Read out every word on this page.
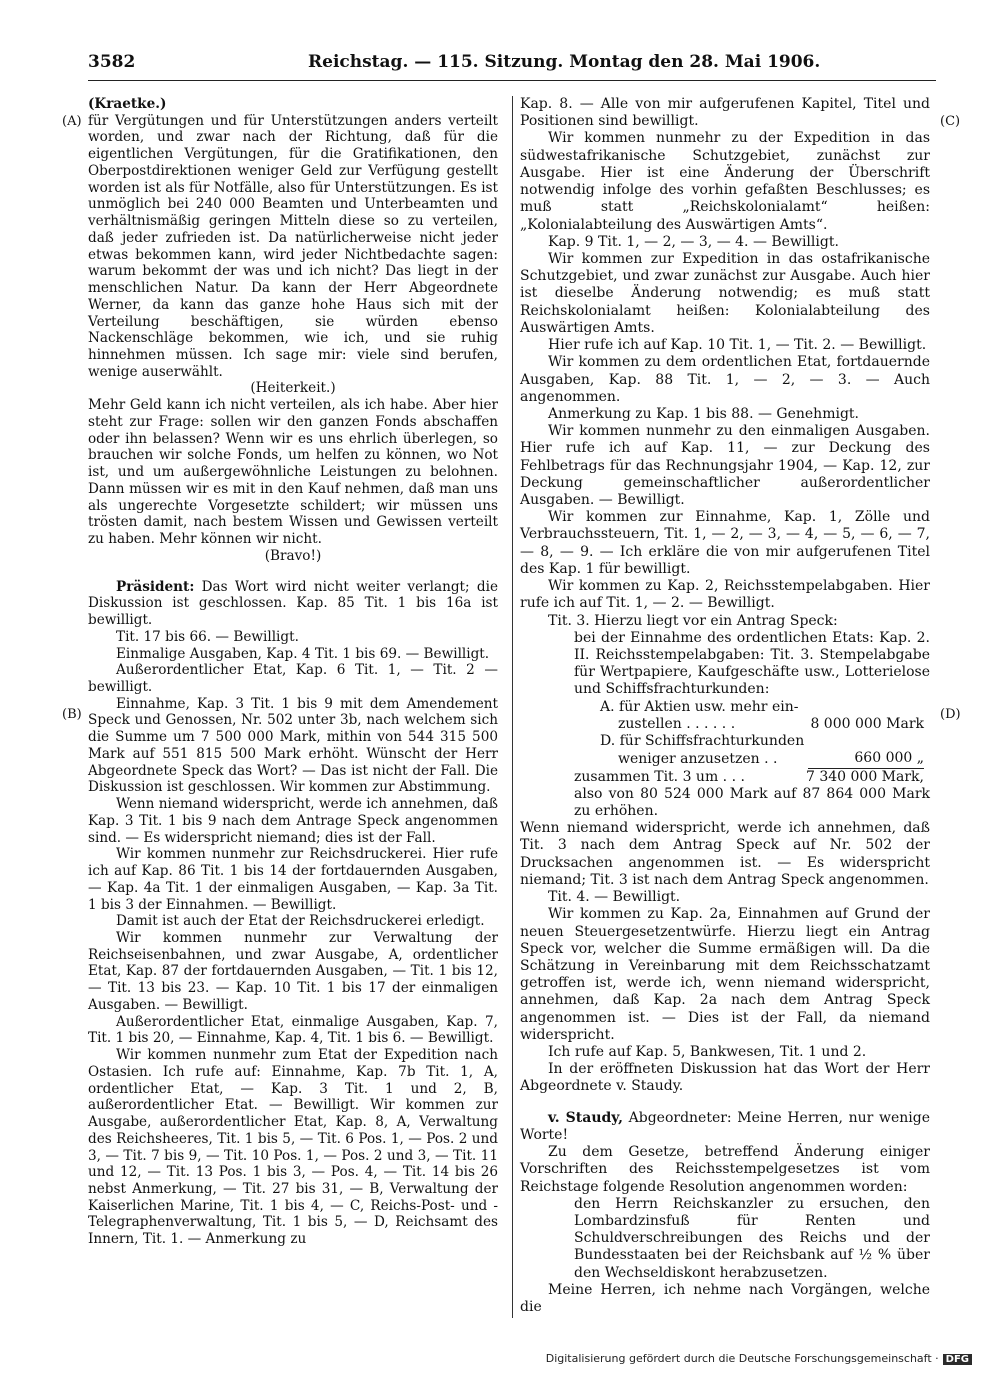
3582	Reichstag. — 115. Sitzung. Montag den 28. Mai 1906.
(A)
(B)
(C)
(D)

(Kraetke.)

für Vergütungen und für Unterstützungen anders verteilt worden, und zwar nach der Richtung, daß für die eigentlichen Vergütungen, für die Gratifikationen, den Oberpostdirektionen weniger Geld zur Verfügung gestellt worden ist als für Notfälle, also für Unterstützungen. Es ist unmöglich bei 240 000 Beamten und Unterbeamten und verhältnismäßig geringen Mitteln diese so zu verteilen, daß jeder zufrieden ist. Da natürlicherweise nicht jeder etwas bekommen kann, wird jeder Nichtbedachte sagen: warum bekommt der was und ich nicht? Das liegt in der menschlichen Natur. Da kann der Herr Abgeordnete Werner, da kann das ganze hohe Haus sich mit der Verteilung beschäftigen, sie würden ebenso Nackenschläge bekommen, wie ich, und sie ruhig hinnehmen müssen. Ich sage mir: viele sind berufen, wenige auserwählt.

(Heiterkeit.)

Mehr Geld kann ich nicht verteilen, als ich habe. Aber hier steht zur Frage: sollen wir den ganzen Fonds abschaffen oder ihn belassen? Wenn wir es uns ehrlich überlegen, so brauchen wir solche Fonds, um helfen zu können, wo Not ist, und um außergewöhnliche Leistungen zu belohnen. Dann müssen wir es mit in den Kauf nehmen, daß man uns als ungerechte Vorgesetzte schildert; wir müssen uns trösten damit, nach bestem Wissen und Gewissen verteilt zu haben. Mehr können wir nicht.

(Bravo!)

Präsident: Das Wort wird nicht weiter verlangt; die Diskussion ist geschlossen. Kap. 85 Tit. 1 bis 16a ist bewilligt.

Tit. 17 bis 66. — Bewilligt.

Einmalige Ausgaben, Kap. 4 Tit. 1 bis 69. — Bewilligt.

Außerordentlicher Etat, Kap. 6 Tit. 1, — Tit. 2 — bewilligt.

Einnahme, Kap. 3 Tit. 1 bis 9 mit dem Amendement Speck und Genossen, Nr. 502 unter 3b, nach welchem sich die Summe um 7 500 000 Mark, mithin von 544 315 500 Mark auf 551 815 500 Mark erhöht. Wünscht der Herr Abgeordnete Speck das Wort? — Das ist nicht der Fall. Die Diskussion ist geschlossen. Wir kommen zur Abstimmung.

Wenn niemand widerspricht, werde ich annehmen, daß Kap. 3 Tit. 1 bis 9 nach dem Antrage Speck angenommen sind. — Es widerspricht niemand; dies ist der Fall.

Wir kommen nunmehr zur Reichsdruckerei. Hier rufe ich auf Kap. 86 Tit. 1 bis 14 der fortdauernden Ausgaben, — Kap. 4a Tit. 1 der einmaligen Ausgaben, — Kap. 3a Tit. 1 bis 3 der Einnahmen. — Bewilligt.

Damit ist auch der Etat der Reichsdruckerei erledigt.

Wir kommen nunmehr zur Verwaltung der Reichseisenbahnen, und zwar Ausgabe, A, ordentlicher Etat, Kap. 87 der fortdauernden Ausgaben, — Tit. 1 bis 12, — Tit. 13 bis 23. — Kap. 10 Tit. 1 bis 17 der einmaligen Ausgaben. — Bewilligt.

Außerordentlicher Etat, einmalige Ausgaben, Kap. 7, Tit. 1 bis 20, — Einnahme, Kap. 4, Tit. 1 bis 6. — Bewilligt.

Wir kommen nunmehr zum Etat der Expedition nach Ostasien. Ich rufe auf: Einnahme, Kap. 7b Tit. 1, A, ordentlicher Etat, — Kap. 3 Tit. 1 und 2, B, außerordentlicher Etat. — Bewilligt. Wir kommen zur Ausgabe, außerordentlicher Etat, Kap. 8, A, Verwaltung des Reichsheeres, Tit. 1 bis 5, — Tit. 6 Pos. 1, — Pos. 2 und 3, — Tit. 7 bis 9, — Tit. 10 Pos. 1, — Pos. 2 und 3, — Tit. 11 und 12, — Tit. 13 Pos. 1 bis 3, — Pos. 4, — Tit. 14 bis 26 nebst Anmerkung, — Tit. 27 bis 31, — B, Verwaltung der Kaiserlichen Marine, Tit. 1 bis 4, — C, Reichs-Post- und -Telegraphenverwaltung, Tit. 1 bis 5, — D, Reichsamt des Innern, Tit. 1. — Anmerkung zu

Kap. 8. — Alle von mir aufgerufenen Kapitel, Titel und Positionen sind bewilligt.

Wir kommen nunmehr zu der Expedition in das südwestafrikanische Schutzgebiet, zunächst zur Ausgabe. Hier ist eine Änderung der Überschrift notwendig infolge des vorhin gefaßten Beschlusses; es muß statt „Reichskolonialamt“ heißen: „Kolonialabteilung des Auswärtigen Amts“.

Kap. 9 Tit. 1, — 2, — 3, — 4. — Bewilligt.

Wir kommen zur Expedition in das ostafrikanische Schutzgebiet, und zwar zunächst zur Ausgabe. Auch hier ist dieselbe Änderung notwendig; es muß statt Reichskolonialamt heißen: Kolonialabteilung des Auswärtigen Amts.

Hier rufe ich auf Kap. 10 Tit. 1, — Tit. 2. — Bewilligt.

Wir kommen zu dem ordentlichen Etat, fortdauernde Ausgaben, Kap. 88 Tit. 1, — 2, — 3. — Auch angenommen.

Anmerkung zu Kap. 1 bis 88. — Genehmigt.

Wir kommen nunmehr zu den einmaligen Ausgaben. Hier rufe ich auf Kap. 11, — zur Deckung des Fehlbetrags für das Rechnungsjahr 1904, — Kap. 12, zur Deckung gemeinschaftlicher außerordentlicher Ausgaben. — Bewilligt.

Wir kommen zur Einnahme, Kap. 1, Zölle und Verbrauchssteuern, Tit. 1, — 2, — 3, — 4, — 5, — 6, — 7, — 8, — 9. — Ich erkläre die von mir aufgerufenen Titel des Kap. 1 für bewilligt.

Wir kommen zu Kap. 2, Reichsstempelabgaben. Hier rufe ich auf Tit. 1, — 2. — Bewilligt.

Tit. 3. Hierzu liegt vor ein Antrag Speck:

bei der Einnahme des ordentlichen Etats: Kap. 2. II. Reichsstempelabgaben: Tit. 3. Stempelabgabe für Wertpapiere, Kaufgeschäfte usw., Lotterielose und Schiffsfrachturkunden:

A. für Aktien usw. mehr ein-	
zustellen . . . . . .	8 000 000 Mark
D. für Schiffsfrachturkunden	
weniger anzusetzen . .	660 000 „
zusammen Tit. 3 um . . .	7 340 000 Mark,

also von 80 524 000 Mark auf 87 864 000 Mark zu erhöhen.

Wenn niemand widerspricht, werde ich annehmen, daß Tit. 3 nach dem Antrag Speck auf Nr. 502 der Drucksachen angenommen ist. — Es widerspricht niemand; Tit. 3 ist nach dem Antrag Speck angenommen.

Tit. 4. — Bewilligt.

Wir kommen zu Kap. 2a, Einnahmen auf Grund der neuen Steuergesetzentwürfe. Hierzu liegt ein Antrag Speck vor, welcher die Summe ermäßigen will. Da die Schätzung in Vereinbarung mit dem Reichsschatzamt getroffen ist, werde ich, wenn niemand widerspricht, annehmen, daß Kap. 2a nach dem Antrag Speck angenommen ist. — Dies ist der Fall, da niemand widerspricht.

Ich rufe auf Kap. 5, Bankwesen, Tit. 1 und 2.

In der eröffneten Diskussion hat das Wort der Herr Abgeordnete v. Staudy.

v. Staudy, Abgeordneter: Meine Herren, nur wenige Worte!

Zu dem Gesetze, betreffend Änderung einiger Vorschriften des Reichsstempelgesetzes ist vom Reichstage folgende Resolution angenommen worden:

den Herrn Reichskanzler zu ersuchen, den Lombardzinsfuß für Renten und Schuldverschreibungen des Reichs und der Bundesstaaten bei der Reichsbank auf ½ % über den Wechseldiskont herabzusetzen.

Meine Herren, ich nehme nach Vorgängen, welche die

Digitalisierung gefördert durch die Deutsche Forschungsgemeinschaft · DFG
